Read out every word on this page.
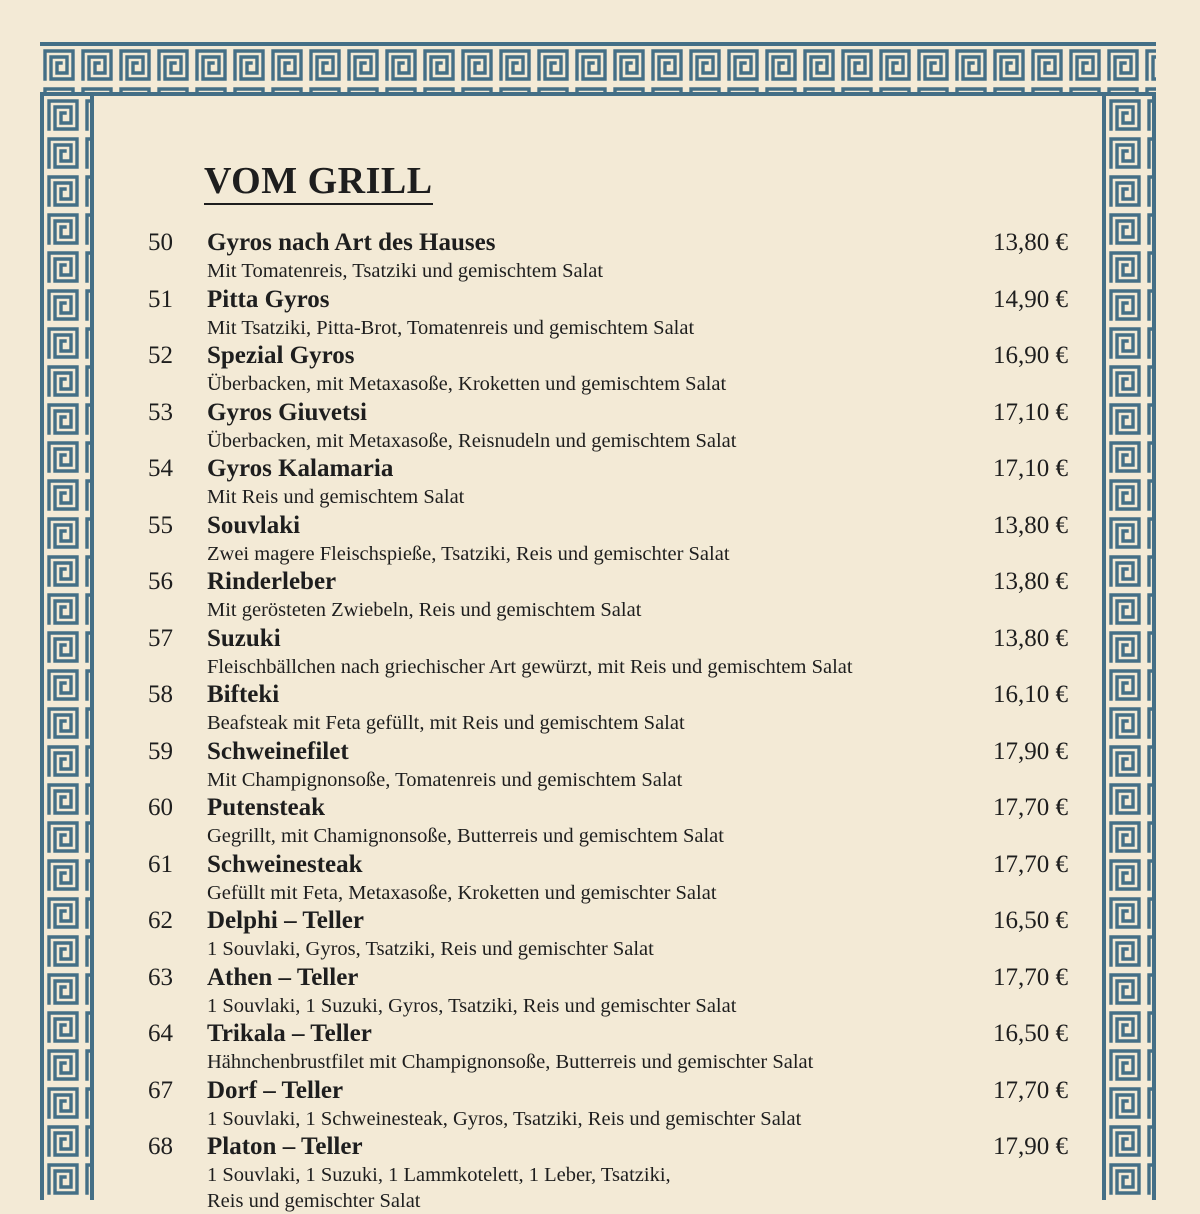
VOM GRILL
50 Gyros nach Art des Hauses	13,80 €
Mit Tomatenreis, Tsatziki und gemischtem Salat
51 Pitta Gyros	14,90 €
Mit Tsatziki, Pitta-Brot, Tomatenreis und gemischtem Salat
52 Spezial Gyros	16,90 €
Überbacken, mit Metaxasoße, Kroketten und gemischtem Salat
53 Gyros Giuvetsi	17,10 €
Überbacken, mit Metaxasoße, Reisnudeln und gemischtem Salat
54 Gyros Kalamaria	17,10 €
Mit Reis und gemischtem Salat
55 Souvlaki	13,80 €
Zwei magere Fleischspieße, Tsatziki, Reis und gemischter Salat
56 Rinderleber	13,80 €
Mit gerösteten Zwiebeln, Reis und gemischtem Salat
57 Suzuki	13,80 €
Fleischbällchen nach griechischer Art gewürzt, mit Reis und gemischtem Salat
58 Bifteki	16,10 €
Beafsteak mit Feta gefüllt, mit Reis und gemischtem Salat
59 Schweinefilet	17,90 €
Mit Champignonsoße, Tomatenreis und gemischtem Salat
60 Putensteak	17,70 €
Gegrillt, mit Chamignonsoße, Butterreis und gemischtem Salat
61 Schweinesteak	17,70 €
Gefüllt mit Feta, Metaxasoße, Kroketten und gemischter Salat
62 Delphi – Teller	16,50 €
1 Souvlaki, Gyros, Tsatziki, Reis und gemischter Salat
63 Athen – Teller	17,70 €
1 Souvlaki, 1 Suzuki, Gyros, Tsatziki, Reis und gemischter Salat
64 Trikala – Teller	16,50 €
Hähnchenbrustfilet mit Champignonsoße, Butterreis und gemischter Salat
67 Dorf – Teller	17,70 €
1 Souvlaki, 1 Schweinesteak, Gyros, Tsatziki, Reis und gemischter Salat
68 Platon – Teller	17,90 €
1 Souvlaki, 1 Suzuki, 1 Lammkotelett, 1 Leber, Tsatziki,
Reis und gemischter Salat
